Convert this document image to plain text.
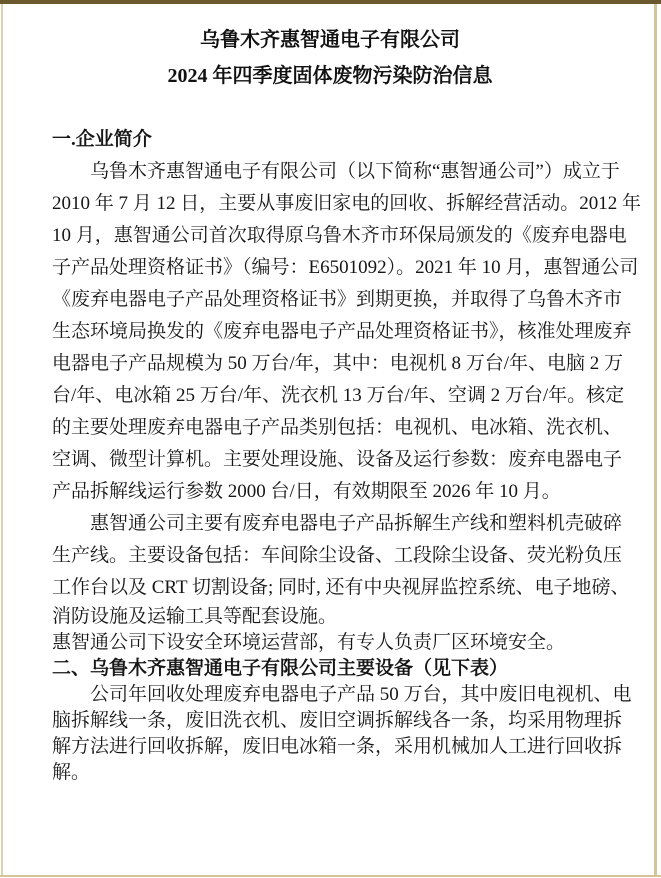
乌鲁木齐惠智通电子有限公司
2024 年四季度固体废物污染防治信息
一.企业简介
乌鲁木齐惠智通电子有限公司（以下简称“惠智通公司”）成立于
2010 年 7 月 12 日，主要从事废旧家电的回收、拆解经营活动。2012 年
10 月，惠智通公司首次取得原乌鲁木齐市环保局颁发的《废弃电器电
子产品处理资格证书》（编号：E6501092）。2021 年 10 月，惠智通公司
《废弃电器电子产品处理资格证书》到期更换，并取得了乌鲁木齐市
生态环境局换发的《废弃电器电子产品处理资格证书》，核准处理废弃
电器电子产品规模为 50 万台/年，其中：电视机 8 万台/年、电脑 2 万
台/年、电冰箱 25 万台/年、洗衣机 13 万台/年、空调 2 万台/年。核定
的主要处理废弃电器电子产品类别包括：电视机、电冰箱、洗衣机、
空调、微型计算机。主要处理设施、设备及运行参数：废弃电器电子
产品拆解线运行参数 2000 台/日，有效期限至 2026 年 10 月。
惠智通公司主要有废弃电器电子产品拆解生产线和塑料机壳破碎
生产线。主要设备包括：车间除尘设备、工段除尘设备、荧光粉负压
工作台以及 CRT 切割设备; 同时, 还有中央视屏监控系统、电子地磅、
消防设施及运输工具等配套设施。
惠智通公司下设安全环境运营部，有专人负责厂区环境安全。
二、乌鲁木齐惠智通电子有限公司主要设备（见下表）
公司年回收处理废弃电器电子产品 50 万台，其中废旧电视机、电
脑拆解线一条，废旧洗衣机、废旧空调拆解线各一条，均采用物理拆
解方法进行回收拆解，废旧电冰箱一条，采用机械加人工进行回收拆
解。
